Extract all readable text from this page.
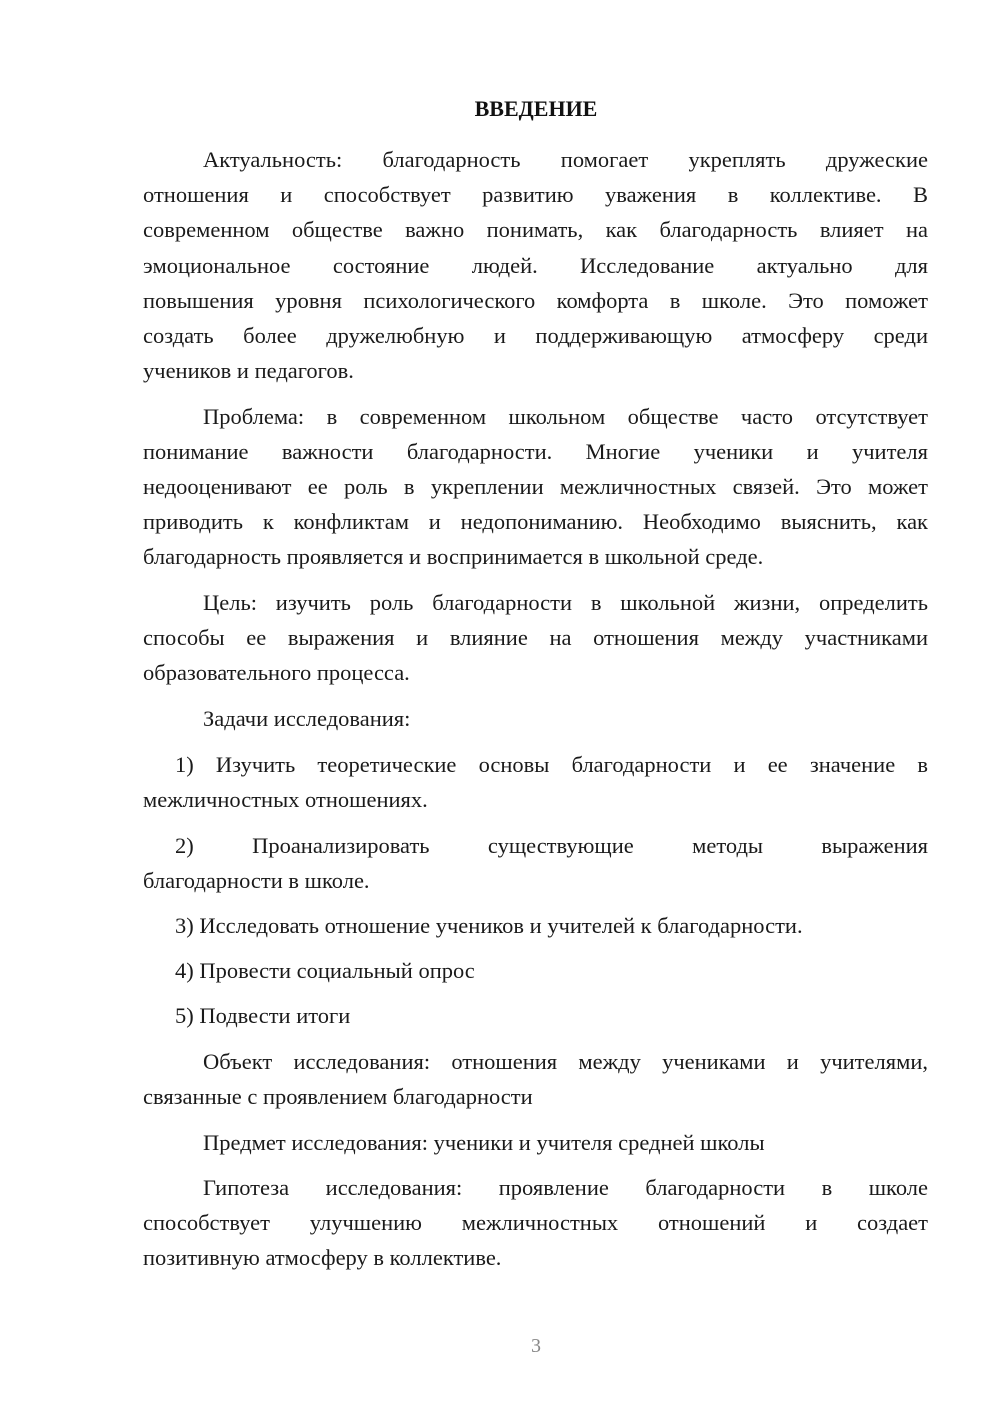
ВВЕДЕНИЕ
Актуальность: благодарность помогает укреплять дружеские
отношения и способствует развитию уважения в коллективе. В
современном обществе важно понимать, как благодарность влияет на
эмоциональное состояние людей. Исследование актуально для
повышения уровня психологического комфорта в школе. Это поможет
создать более дружелюбную и поддерживающую атмосферу среди
учеников и педагогов.
Проблема: в современном школьном обществе часто отсутствует
понимание важности благодарности. Многие ученики и учителя
недооценивают ее роль в укреплении межличностных связей. Это может
приводить к конфликтам и недопониманию. Необходимо выяснить, как
благодарность проявляется и воспринимается в школьной среде.
Цель: изучить роль благодарности в школьной жизни, определить
способы ее выражения и влияние на отношения между участниками
образовательного процесса.
Задачи исследования:
1) Изучить теоретические основы благодарности и ее значение в
межличностных отношениях.
2) Проанализировать существующие методы выражения
благодарности в школе.
3) Исследовать отношение учеников и учителей к благодарности.
4) Провести социальный опрос
5) Подвести итоги
Объект исследования: отношения между учениками и учителями,
связанные с проявлением благодарности
Предмет исследования: ученики и учителя средней школы
Гипотеза исследования: проявление благодарности в школе
способствует улучшению межличностных отношений и создает
позитивную атмосферу в коллективе.
3
